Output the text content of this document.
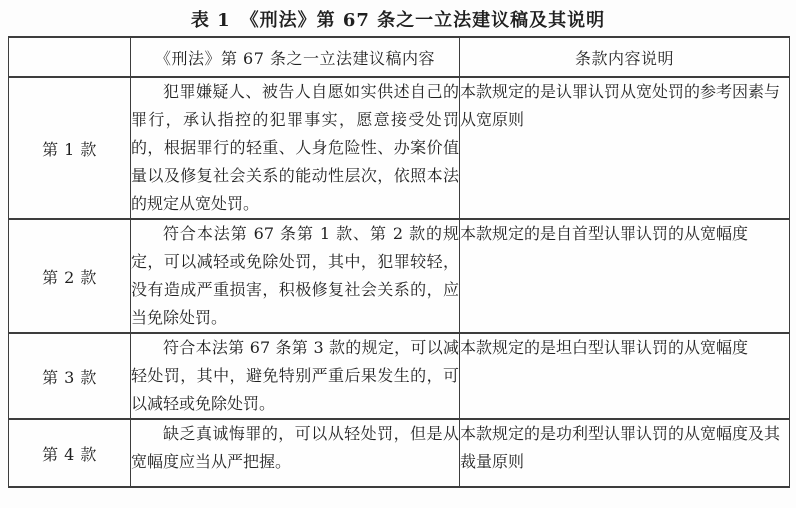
表 1　《刑法》第 67 条之一立法建议稿及其说明
	《刑法》第 67 条之一立法建议稿内容	条款内容说明
第 1 款	犯罪嫌疑人、被告人自愿如实供述自己的罪行，承认指控的犯罪事实，愿意接受处罚的，根据罪行的轻重、人身危险性、办案价值量以及修复社会关系的能动性层次，依照本法的规定从宽处罚。	本款规定的是认罪认罚从宽处罚的参考因素与从宽原则

第 2 款	符合本法第 67 条第 1 款、第 2 款的规定，可以减轻或免除处罚，其中，犯罪较轻，没有造成严重损害，积极修复社会关系的，应当免除处罚。	本款规定的是自首型认罪认罚的从宽幅度

第 3 款	符合本法第 67 条第 3 款的规定，可以减轻处罚，其中，避免特别严重后果发生的，可以减轻或免除处罚。	本款规定的是坦白型认罪认罚的从宽幅度

第 4 款	缺乏真诚悔罪的，可以从轻处罚，但是从宽幅度应当从严把握。	本款规定的是功利型认罪认罚的从宽幅度及其裁量原则
